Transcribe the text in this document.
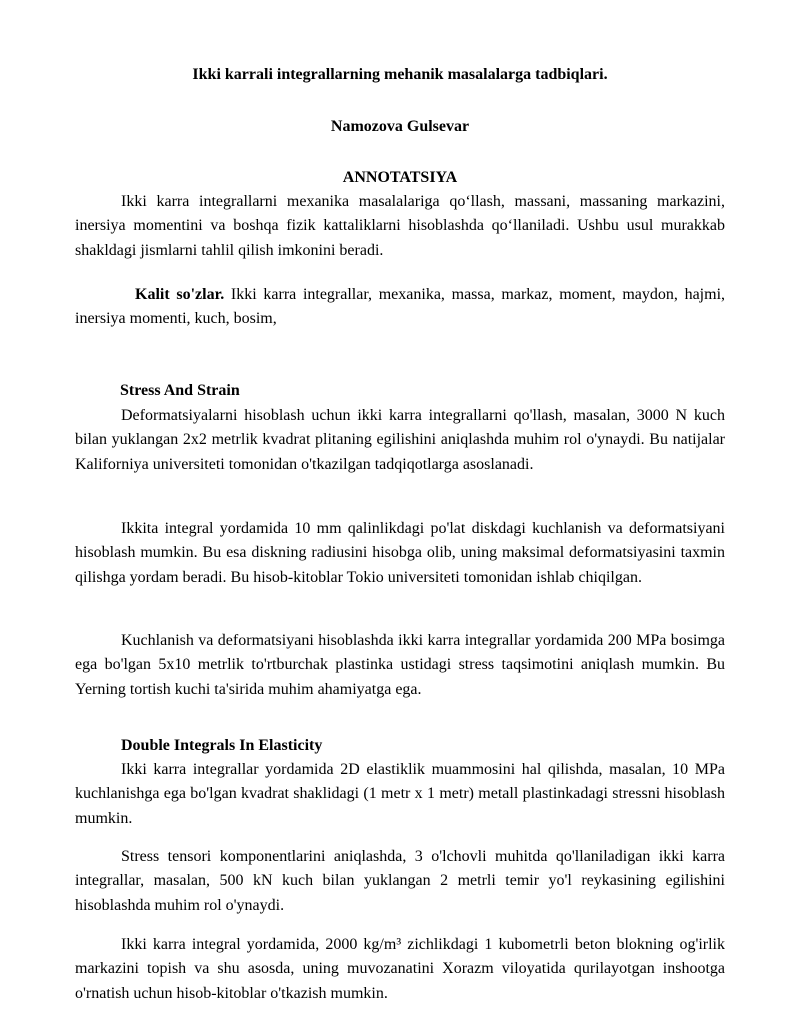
Ikki karrali integrallarning mehanik masalalarga tadbiqlari.
Namozova Gulsevar
ANNOTATSIYA

Ikki karra integrallarni mexanika masalalariga qo‘llash, massani, massaning markazini, inersiya momentini va boshqa fizik kattaliklarni hisoblashda qo‘llaniladi. Ushbu usul murakkab shakldagi jismlarni tahlil qilish imkonini beradi.

Kalit so'zlar. Ikki karra integrallar, mexanika, massa, markaz, moment, maydon, hajmi, inersiya momenti, kuch, bosim,

Stress And Strain

Deformatsiyalarni hisoblash uchun ikki karra integrallarni qo'llash, masalan, 3000 N kuch bilan yuklangan 2x2 metrlik kvadrat plitaning egilishini aniqlashda muhim rol o'ynaydi. Bu natijalar Kaliforniya universiteti tomonidan o'tkazilgan tadqiqotlarga asoslanadi.

Ikkita integral yordamida 10 mm qalinlikdagi po'lat diskdagi kuchlanish va deformatsiyani hisoblash mumkin. Bu esa diskning radiusini hisobga olib, uning maksimal deformatsiyasini taxmin qilishga yordam beradi. Bu hisob-kitoblar Tokio universiteti tomonidan ishlab chiqilgan.

Kuchlanish va deformatsiyani hisoblashda ikki karra integrallar yordamida 200 MPa bosimga ega bo'lgan 5x10 metrlik to'rtburchak plastinka ustidagi stress taqsimotini aniqlash mumkin. Bu Yerning tortish kuchi ta'sirida muhim ahamiyatga ega.

Double Integrals In Elasticity

Ikki karra integrallar yordamida 2D elastiklik muammosini hal qilishda, masalan, 10 MPa kuchlanishga ega bo'lgan kvadrat shaklidagi (1 metr x 1 metr) metall plastinkadagi stressni hisoblash mumkin.

Stress tensori komponentlarini aniqlashda, 3 o'lchovli muhitda qo'llaniladigan ikki karra integrallar, masalan, 500 kN kuch bilan yuklangan 2 metrli temir yo'l reykasining egilishini hisoblashda muhim rol o'ynaydi.

Ikki karra integral yordamida, 2000 kg/m³ zichlikdagi 1 kubometrli beton blokning og'irlik markazini topish va shu asosda, uning muvozanatini Xorazm viloyatida qurilayotgan inshootga o'rnatish uchun hisob-kitoblar o'tkazish mumkin.
